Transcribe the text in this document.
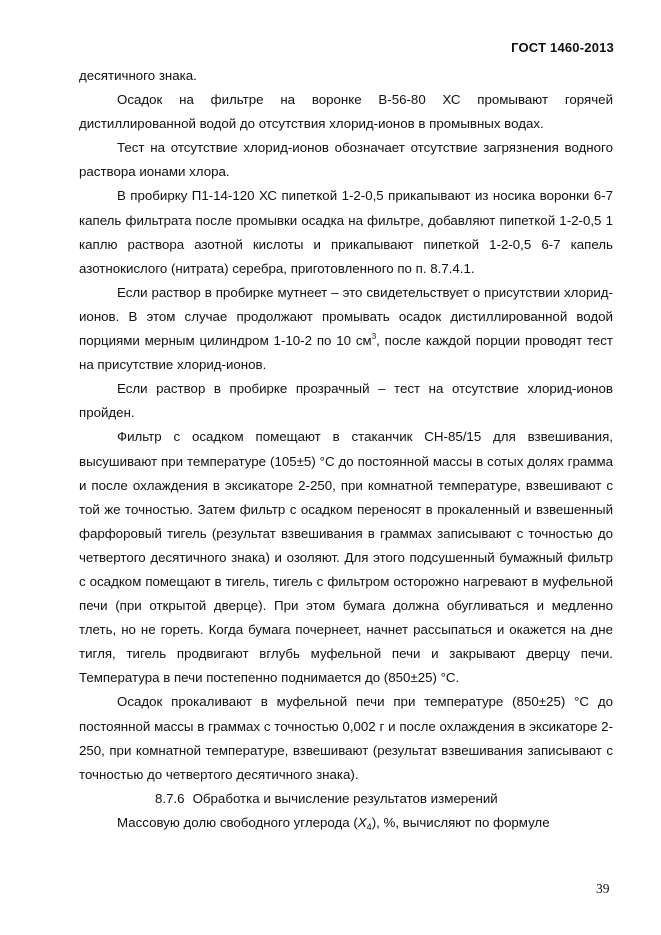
ГОСТ 1460-2013

десятичного знака.

Осадок на фильтре на воронке В-56-80 ХС промывают горячей дистиллированной водой до отсутствия хлорид-ионов в промывных водах.

Тест на отсутствие хлорид-ионов обозначает отсутствие загрязнения водного раствора ионами хлора.

В пробирку П1-14-120 ХС пипеткой 1-2-0,5 прикапывают из носика воронки 6-7 капель фильтрата после промывки осадка на фильтре, добавляют пипеткой 1-2-0,5 1 каплю раствора азотной кислоты и прикапывают пипеткой 1-2-0,5 6-7 капель азотнокислого (нитрата) серебра, приготовленного по п. 8.7.4.1.

Если раствор в пробирке мутнеет – это свидетельствует о присутствии хлорид-ионов. В этом случае продолжают промывать осадок дистиллированной водой порциями мерным цилиндром 1-10-2 по 10 $см^3$, после каждой порции проводят тест на присутствие хлорид-ионов.

Если раствор в пробирке прозрачный – тест на отсутствие хлорид-ионов пройден.

Фильтр с осадком помещают в стаканчик СН-85/15 для взвешивания, высушивают при температуре (105±5) °С до постоянной массы в сотых долях грамма и после охлаждения в эксикаторе 2-250, при комнатной температуре, взвешивают с той же точностью. Затем фильтр с осадком переносят в прокаленный и взвешенный фарфоровый тигель (результат взвешивания в граммах записывают с точностью до четвертого десятичного знака) и озоляют. Для этого подсушенный бумажный фильтр с осадком помещают в тигель, тигель с фильтром осторожно нагревают в муфельной печи (при открытой дверце). При этом бумага должна обугливаться и медленно тлеть, но не гореть. Когда бумага почернеет, начнет рассыпаться и окажется на дне тигля, тигель продвигают вглубь муфельной печи и закрывают дверцу печи. Температура в печи постепенно поднимается до (850±25) °С.

Осадок прокаливают в муфельной печи при температуре (850±25) °С до постоянной массы в граммах с точностью 0,002 г и после охлаждения в эксикаторе 2-250, при комнатной температуре, взвешивают (результат взвешивания записывают с точностью до четвертого десятичного знака).

8.7.6 Обработка и вычисление результатов измерений

Массовую долю свободного углерода $(X_4)$, %, вычисляют по формуле

39
